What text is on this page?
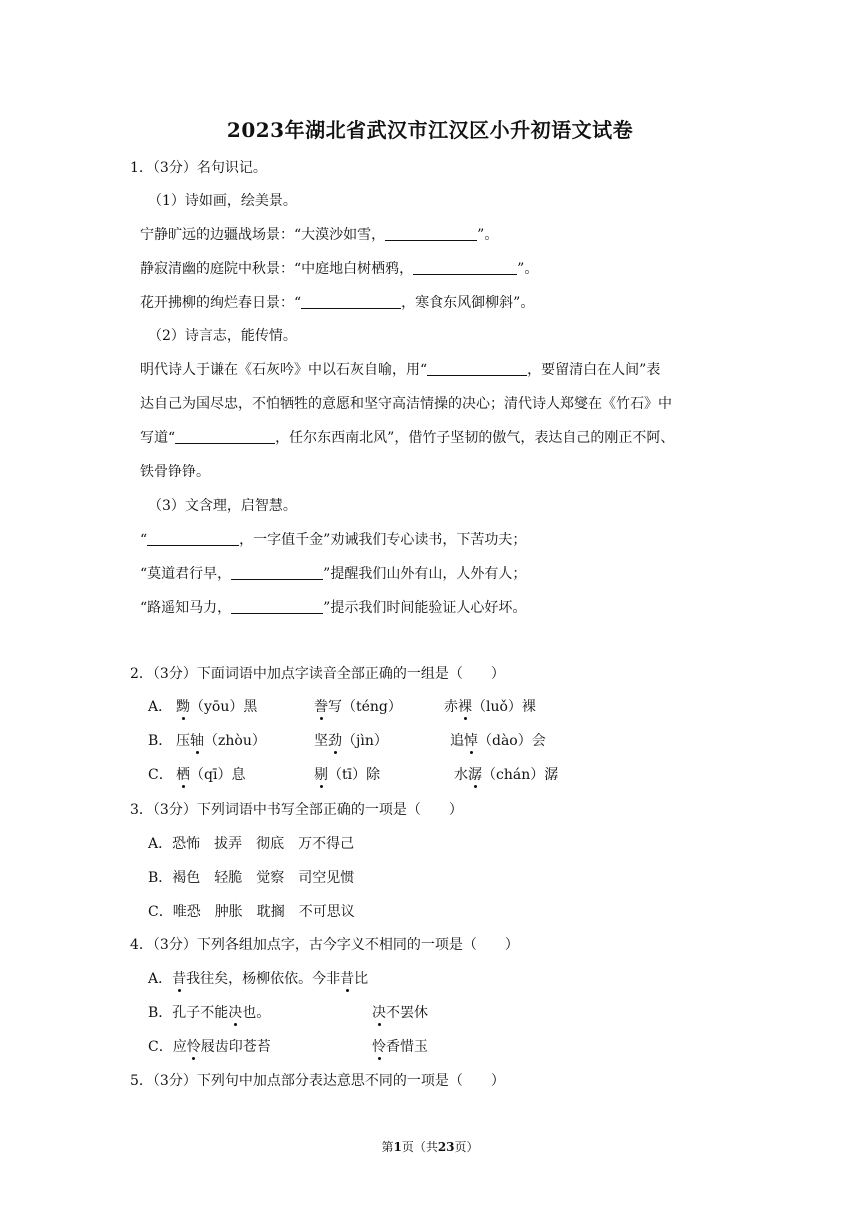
2023年湖北省武汉市江汉区小升初语文试卷
1．（3分）名句识记。
（1）诗如画，绘美景。
宁静旷远的边疆战场景：“大漠沙如雪，	”。
静寂清幽的庭院中秋景：“中庭地白树栖鸦，	”。
花开拂柳的绚烂春日景：“	，寒食东风御柳斜”。
（2）诗言志，能传情。
明代诗人于谦在《石灰吟》中以石灰自喻，用“	，要留清白在人间”表
达自己为国尽忠，不怕牺牲的意愿和坚守高洁情操的决心；清代诗人郑燮在《竹石》中
写道“	，任尔东西南北风”，借竹子坚韧的傲气，表达自己的刚正不阿、
铁骨铮铮。
（3）文含理，启智慧。
“	，一字值千金”劝诫我们专心读书，下苦功夫；
“莫道君行早，	”提醒我们山外有山，人外有人；
“路遥知马力，	”提示我们时间能验证人心好坏。
2．（3分）下面词语中加点字读音全部正确的一组是（　　）
A． 黝（yōu）黑	誊写（téng）	赤裸（luǒ）裸
B． 压轴（zhòu）	坚劲（jìn）	追悼（dào）会
C． 栖（qī）息	剔（tī）除	水潺（chán）潺
3．（3分）下列词语中书写全部正确的一项是（　　）
A．恐怖　拔弄　彻底　万不得己
B．褐色　轻脆　觉察　司空见惯
C．唯恐　肿胀　耽搁　不可思议
4．（3分）下列各组加点字，古今字义不相同的一项是（　　）
A．昔我往矣，杨柳依依。今非昔比
B．孔子不能决也。	决不罢休
C．应怜屐齿印苍苔	怜香惜玉
5．（3分）下列句中加点部分表达意思不同的一项是（　　）
第1页（共23页）
